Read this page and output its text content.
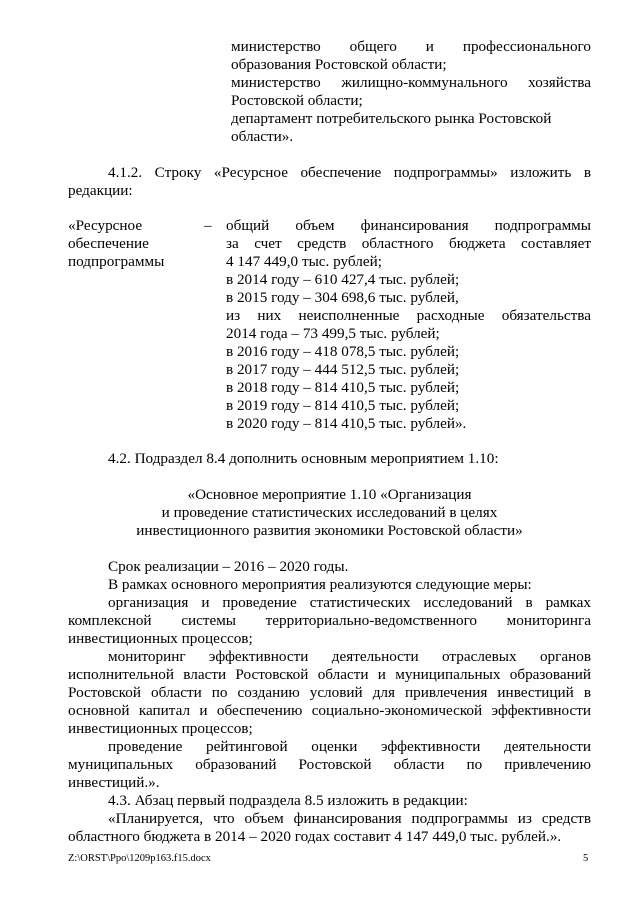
министерство общего и профессионального
образования Ростовской области;
министерство жилищно-коммунального хозяйства
Ростовской области;
департамент потребительского рынка Ростовской
области».
4.1.2. Строку «Ресурсное обеспечение подпрограммы» изложить в
редакции:
«Ресурсное
обеспечение
подпрограммы
– общий объем финансирования подпрограммы
за счет средств областного бюджета составляет
4 147 449,0 тыс. рублей;
в 2014 году – 610 427,4 тыс. рублей;
в 2015 году – 304 698,6 тыс. рублей,
из них неисполненные расходные обязательства
2014 года – 73 499,5 тыс. рублей;
в 2016 году – 418 078,5 тыс. рублей;
в 2017 году – 444 512,5 тыс. рублей;
в 2018 году – 814 410,5 тыс. рублей;
в 2019 году – 814 410,5 тыс. рублей;
в 2020 году – 814 410,5 тыс. рублей».
4.2. Подраздел 8.4 дополнить основным мероприятием 1.10:
«Основное мероприятие 1.10 «Организация
и проведение статистических исследований в целях
инвестиционного развития экономики Ростовской области»
Срок реализации – 2016 – 2020 годы.
В рамках основного мероприятия реализуются следующие меры:
организация и проведение статистических исследований в рамках
комплексной системы территориально-ведомственного мониторинга
инвестиционных процессов;
мониторинг эффективности деятельности отраслевых органов
исполнительной власти Ростовской области и муниципальных образований
Ростовской области по созданию условий для привлечения инвестиций в
основной капитал и обеспечению социально-экономической эффективности
инвестиционных процессов;
проведение рейтинговой оценки эффективности деятельности
муниципальных образований Ростовской области по привлечению инвестиций.».
4.3. Абзац первый подраздела 8.5 изложить в редакции:
«Планируется, что объем финансирования подпрограммы из средств
областного бюджета в 2014 – 2020 годах составит 4 147 449,0 тыс. рублей.».
Z:\ORST\Ppo\1209p163.f15.docx	5
